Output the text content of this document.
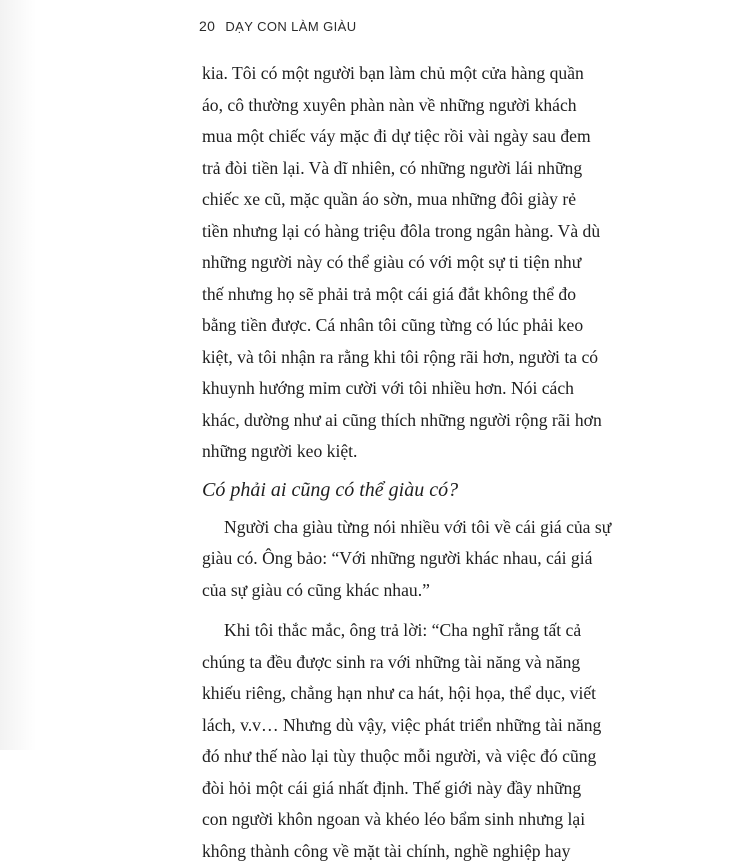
20 DẠY CON LÀM GIÀU

kia. Tôi có một người bạn làm chủ một cửa hàng quần
áo, cô thường xuyên phàn nàn về những người khách
mua một chiếc váy mặc đi dự tiệc rồi vài ngày sau đem
trả đòi tiền lại. Và dĩ nhiên, có những người lái những
chiếc xe cũ, mặc quần áo sờn, mua những đôi giày rẻ
tiền nhưng lại có hàng triệu đôla trong ngân hàng. Và dù
những người này có thể giàu có với một sự ti tiện như
thế nhưng họ sẽ phải trả một cái giá đắt không thể đo
bằng tiền được. Cá nhân tôi cũng từng có lúc phải keo
kiệt, và tôi nhận ra rằng khi tôi rộng rãi hơn, người ta có
khuynh hướng mỉm cười với tôi nhiều hơn. Nói cách
khác, dường như ai cũng thích những người rộng rãi hơn
những người keo kiệt.

Có phải ai cũng có thể giàu có?

Người cha giàu từng nói nhiều với tôi về cái giá của sự
giàu có. Ông bảo: “Với những người khác nhau, cái giá
của sự giàu có cũng khác nhau.”

Khi tôi thắc mắc, ông trả lời: “Cha nghĩ rằng tất cả
chúng ta đều được sinh ra với những tài năng và năng
khiếu riêng, chẳng hạn như ca hát, hội họa, thể dục, viết
lách, v.v… Nhưng dù vậy, việc phát triển những tài năng
đó như thế nào lại tùy thuộc mỗi người, và việc đó cũng
đòi hỏi một cái giá nhất định. Thế giới này đầy những
con người khôn ngoan và khéo léo bẩm sinh nhưng lại
không thành công về mặt tài chính, nghề nghiệp hay
